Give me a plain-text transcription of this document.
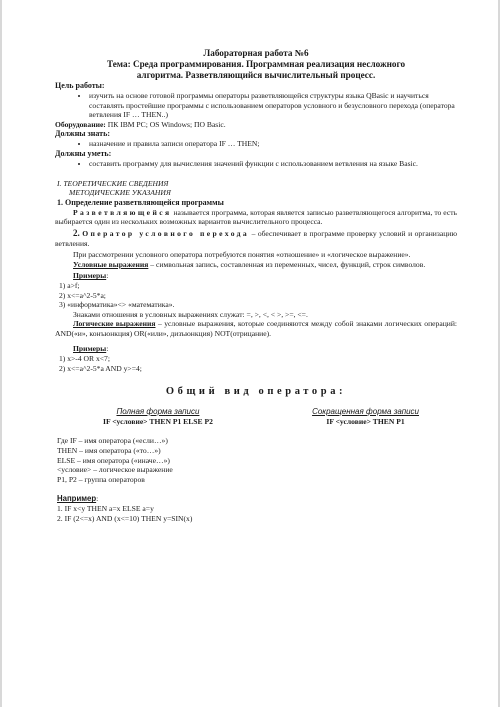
Лабораторная работа №6

Тема: Среда программирования. Программная реализация несложного

алгоритма. Разветвляющийся вычислительный процесс.

Цель работы:

• изучить на основе готовой программы операторы разветвляющейся структуры языка QBasic и научиться составлять простейшие программы с использованием операторов условного и безусловного перехода (оператора ветвления IF … THEN..)

Оборудование: ПК IBM PC; OS Windows; ПО Basic.

Должны знать:

• назначение и правила записи оператора IF … THEN;

Должны уметь:

• составить программу для вычисления значений функции с использованием ветвления на языке Basic.

I. ТЕОРЕТИЧЕСКИЕ СВЕДЕНИЯ

МЕТОДИЧЕСКИЕ УКАЗАНИЯ

1. Определение разветвляющейся программы

Разветвляющейся называется программа, которая является записью разветвляющегося алгоритма, то есть выбирается один из нескольких возможных вариантов вычислительного процесса.

2. Оператор условного перехода – обеспечивает в программе проверку условий и организацию ветвления.

При рассмотрении условного оператора потребуются понятия «отношение» и «логическое выражение».

Условные выражения – символьная запись, составленная из переменных, чисел, функций, строк символов.

Примеры:

1) a>f;

2) x<=a^2-5*a;

3) «информатика»<> «математика».

Знаками отношения в условных выражениях служат: =, >, <, < >, >=, <=.

Логические выражения – условные выражения, которые соединяются между собой знаками логических операций: AND(«и», конъюнкция) OR(«или», дизъюнкция) NOT(отрицание).

Примеры:

1) x>-4 OR x<7;

2) x<=a^2-5*a AND y>=4;

Общий вид оператора:

Полная форма записи

IF <условие> THEN P1 ELSE P2

Сокращенная форма записи

IF <условие> THEN P1

Где IF – имя оператора («если…»)

THEN – имя оператора («то…»)

ELSE – имя оператора («иначе…»)

<условие> – логическое выражение

P1, P2 – группа операторов

Например:

1. IF x<y THEN a=x ELSE a=y

2. IF (2<=x) AND (x<=10) THEN y=SIN(x)
